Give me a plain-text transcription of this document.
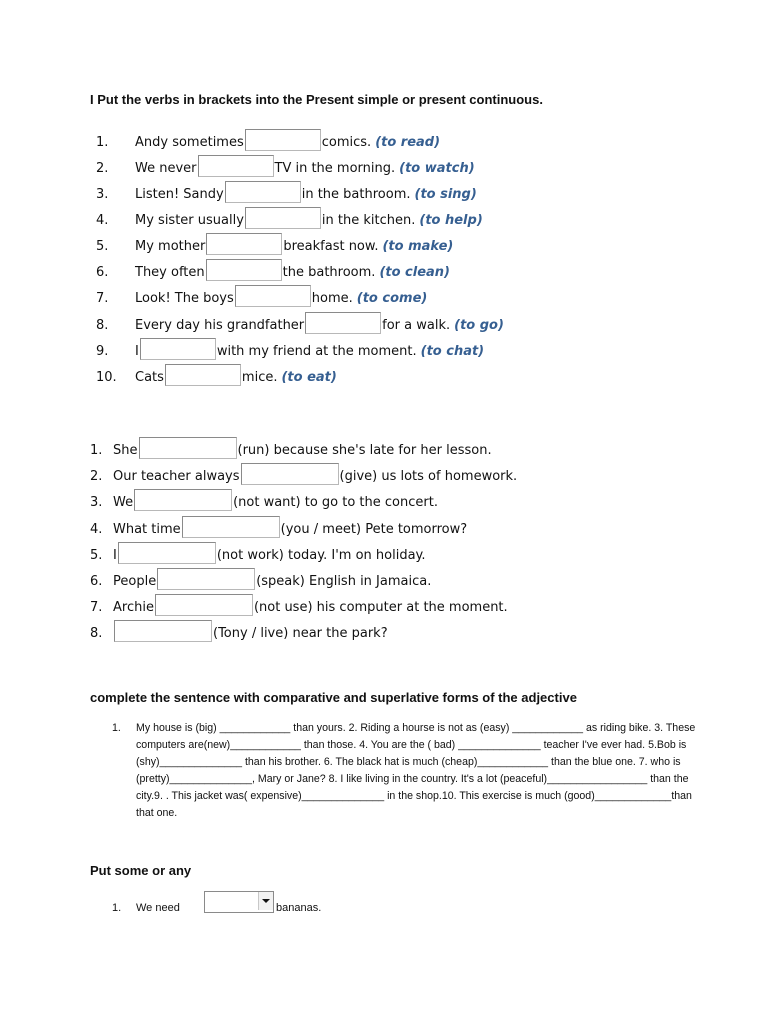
I Put the verbs in brackets into the Present simple or present continuous.
1.	Andy sometimes	comics. (to read)
2.	We never	TV in the morning. (to watch)
3.	Listen! Sandy	in the bathroom. (to sing)
4.	My sister usually	in the kitchen. (to help)
5.	My mother	breakfast now. (to make)
6.	They often	the bathroom. (to clean)
7.	Look! The boys	home. (to come)
8.	Every day his grandfather	for a walk. (to go)
9.	I	with my friend at the moment. (to chat)
10. Cats	mice. (to eat)
1. She	(run) because she's late for her lesson.
2. Our teacher always	(give) us lots of homework.
3. We	(not want) to go to the concert.
4. What time	(you / meet) Pete tomorrow?
5. I	(not work) today. I'm on holiday.
6. People	(speak) English in Jamaica.
7. Archie	(not use) his computer at the moment.
8.	(Tony / live) near the park?
complete the sentence with comparative and superlative forms of the adjective
1. My house is (big) ____________ than yours. 2. Riding a hourse is not as (easy) ____________ as riding bike. 3. These computers are(new)____________ than those. 4. You are the ( bad) ______________ teacher I've ever had. 5.Bob is (shy)______________ than his brother. 6. The black hat is much (cheap)____________ than the blue one. 7. who is (pretty)______________, Mary or Jane? 8. I like living in the country. It's a lot (peaceful)_________________ than the city.9. . This jacket was( expensive)______________ in the shop.10. This exercise is much (good)_____________than that one.
Put some or any
1. We need	bananas.
